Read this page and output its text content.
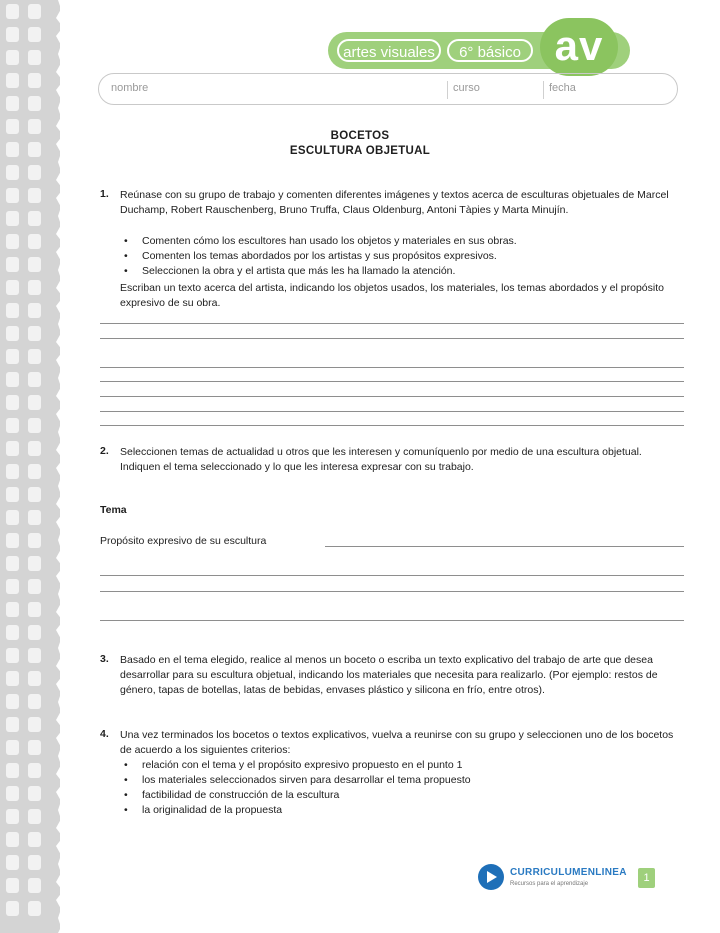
artes visuales	6° básico av
nombre	curso	fecha
BOCETOS
ESCULTURA OBJETUAL
1. Reúnase con su grupo de trabajo y comenten diferentes imágenes y textos acerca de esculturas objetuales de Marcel Duchamp, Robert Rauschenberg, Bruno Truffa, Claus Oldenburg, Antoni Tàpies y Marta Minujín.

• Comenten cómo los escultores han usado los objetos y materiales en sus obras.
• Comenten los temas abordados por los artistas y sus propósitos expresivos.
• Seleccionen la obra y el artista que más les ha llamado la atención.

Escriban un texto acerca del artista, indicando los objetos usados, los materiales, los temas abordados y el propósito expresivo de su obra.

2. Seleccionen temas de actualidad u otros que les interesen y comuníquenlo por medio de una escultura objetual. Indiquen el tema seleccionado y lo que les interesa expresar con su trabajo.

Tema
Propósito expresivo de su escultura
3. Basado en el tema elegido, realice al menos un boceto o escriba un texto explicativo del trabajo de arte que desea desarrollar para su escultura objetual, indicando los materiales que necesita para realizarlo. (Por ejemplo: restos de género, tapas de botellas, latas de bebidas, envases plástico y silicona en frío, entre otros).

4. Una vez terminados los bocetos o textos explicativos, vuelva a reunirse con su grupo y seleccionen uno de los bocetos de acuerdo a los siguientes criterios:

• relación con el tema y el propósito expresivo propuesto en el punto 1
• los materiales seleccionados sirven para desarrollar el tema propuesto
• factibilidad de construcción de la escultura
• la originalidad de la propuesta
CURRICULUMENLINEA
Recursos para el aprendizaje	1
